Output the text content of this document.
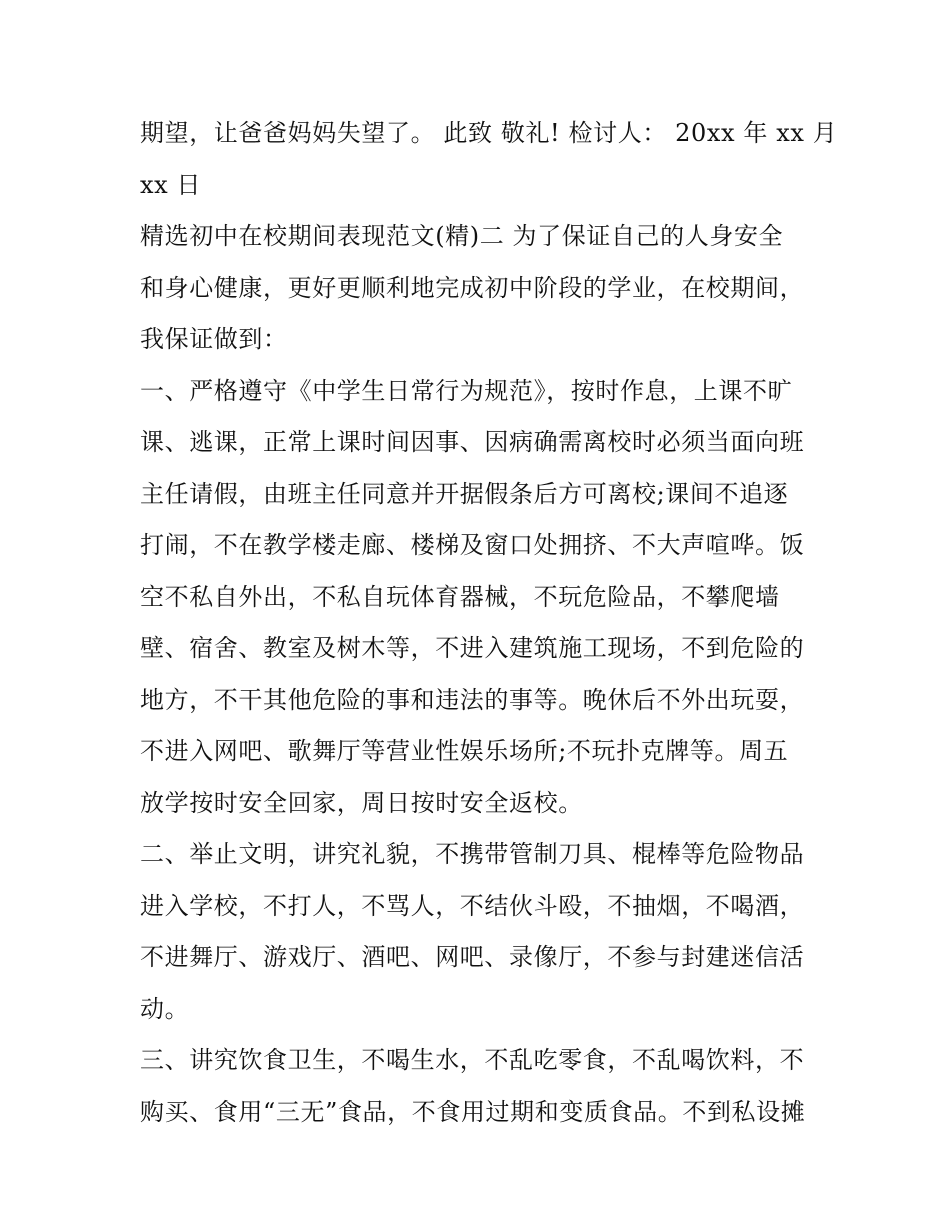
期望，让爸爸妈妈失望了。 此致 敬礼! 检讨人： 20xx 年 xx 月
xx 日
精选初中在校期间表现范文(精)二 为了保证自己的人身安全
和身心健康，更好更顺利地完成初中阶段的学业，在校期间，
我保证做到：
一、严格遵守《中学生日常行为规范》，按时作息，上课不旷
课、逃课，正常上课时间因事、因病确需离校时必须当面向班
主任请假，由班主任同意并开据假条后方可离校;课间不追逐
打闹，不在教学楼走廊、楼梯及窗口处拥挤、不大声喧哗。饭
空不私自外出，不私自玩体育器械，不玩危险品，不攀爬墙
壁、宿舍、教室及树木等，不进入建筑施工现场，不到危险的
地方，不干其他危险的事和违法的事等。晚休后不外出玩耍，
不进入网吧、歌舞厅等营业性娱乐场所;不玩扑克牌等。周五
放学按时安全回家，周日按时安全返校。
二、举止文明，讲究礼貌，不携带管制刀具、棍棒等危险物品
进入学校，不打人，不骂人，不结伙斗殴，不抽烟，不喝酒，
不进舞厅、游戏厅、酒吧、网吧、录像厅，不参与封建迷信活
动。
三、讲究饮食卫生，不喝生水，不乱吃零食，不乱喝饮料，不
购买、食用“三无”食品，不食用过期和变质食品。不到私设摊
